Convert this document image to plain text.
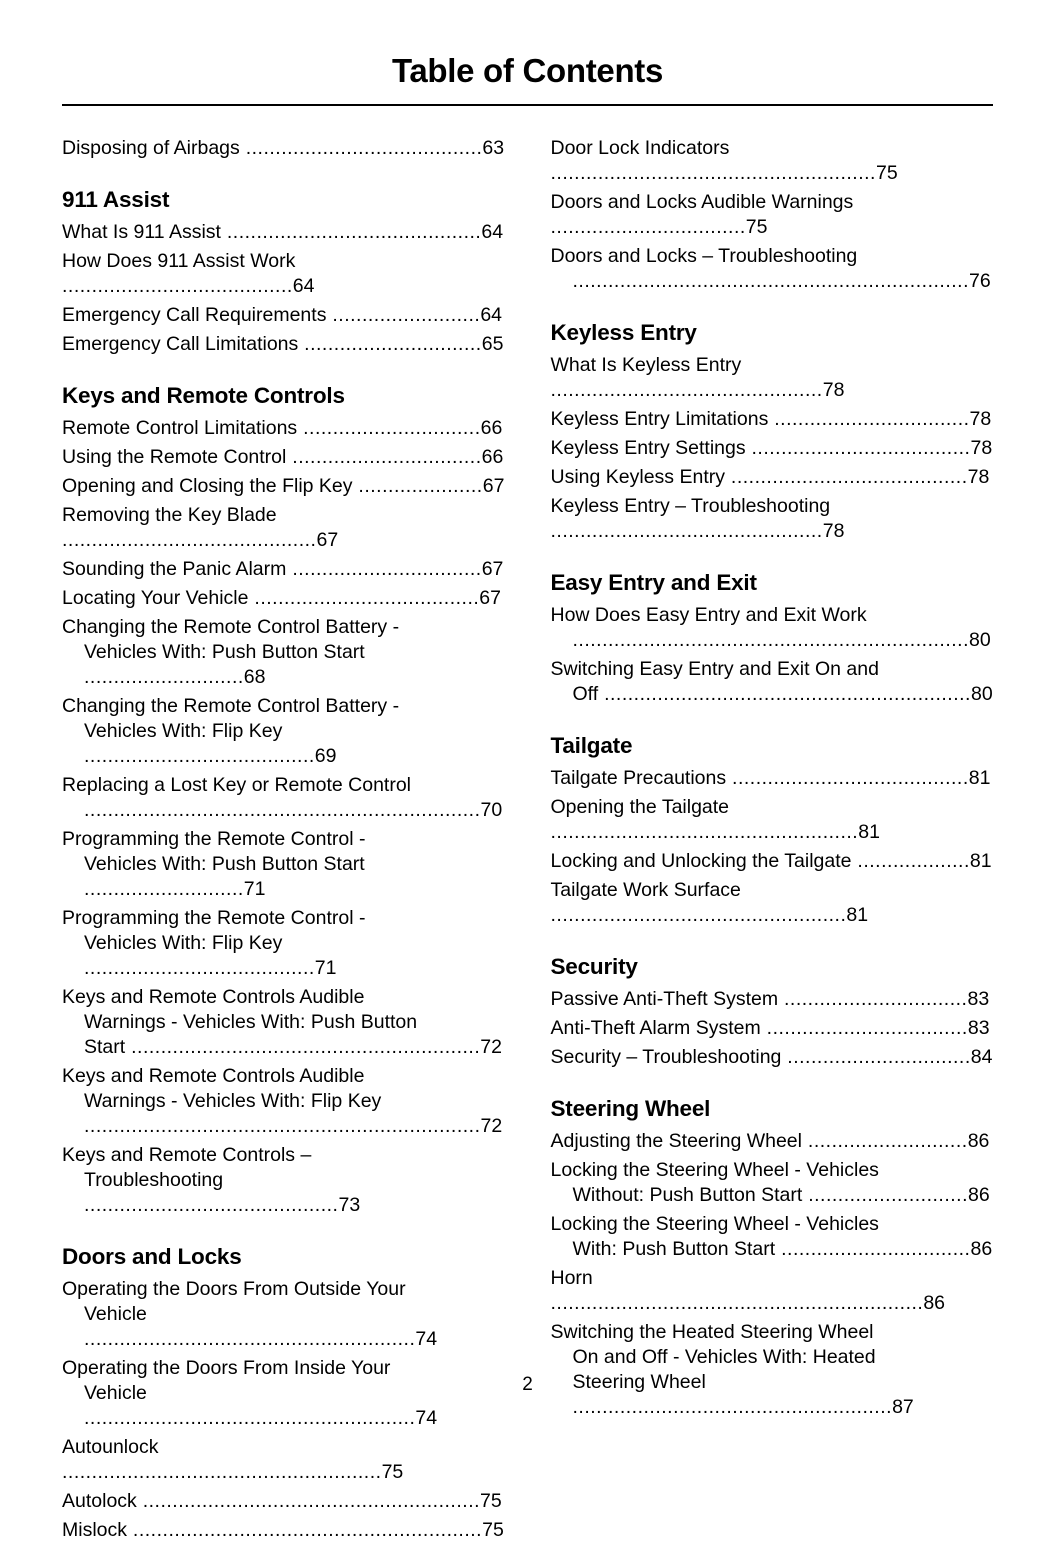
Table of Contents
Disposing of Airbags ........................................63
911 Assist
What Is 911 Assist ...........................................64
How Does 911 Assist Work .......................................64
Emergency Call Requirements .........................64
Emergency Call Limitations ..............................65
Keys and Remote Controls
Remote Control Limitations ..............................66
Using the Remote Control ................................66
Opening and Closing the Flip Key .....................67
Removing the Key Blade ...........................................67
Sounding the Panic Alarm ................................67
Locating Your Vehicle ......................................67
Changing the Remote Control Battery -
Vehicles With: Push Button Start ...........................68
Changing the Remote Control Battery -
Vehicles With: Flip Key .......................................69
Replacing a Lost Key or Remote Control
...................................................................70
Programming the Remote Control -
Vehicles With: Push Button Start ...........................71
Programming the Remote Control -
Vehicles With: Flip Key .......................................71
Keys and Remote Controls Audible
Warnings - Vehicles With: Push Button
Start ...........................................................72
Keys and Remote Controls Audible
Warnings - Vehicles With: Flip Key
...................................................................72
Keys and Remote Controls –
Troubleshooting ...........................................73
Doors and Locks
Operating the Doors From Outside Your
Vehicle ........................................................74
Operating the Doors From Inside Your
Vehicle ........................................................74
Autounlock ......................................................75
Autolock .........................................................75
Mislock ...........................................................75
Door Lock Indicators .......................................................75
Doors and Locks Audible Warnings .................................75
Doors and Locks – Troubleshooting
...................................................................76
Keyless Entry
What Is Keyless Entry ..............................................78
Keyless Entry Limitations .................................78
Keyless Entry Settings .....................................78
Using Keyless Entry ........................................78
Keyless Entry – Troubleshooting ..............................................78
Easy Entry and Exit
How Does Easy Entry and Exit Work
...................................................................80
Switching Easy Entry and Exit On and
Off ..............................................................80
Tailgate
Tailgate Precautions ........................................81
Opening the Tailgate ....................................................81
Locking and Unlocking the Tailgate ...................81
Tailgate Work Surface ..................................................81
Security
Passive Anti-Theft System ...............................83
Anti-Theft Alarm System ..................................83
Security – Troubleshooting ...............................84
Steering Wheel
Adjusting the Steering Wheel ...........................86
Locking the Steering Wheel - Vehicles
Without: Push Button Start ...........................86
Locking the Steering Wheel - Vehicles
With: Push Button Start ................................86
Horn ...............................................................86
Switching the Heated Steering Wheel
On and Off - Vehicles With: Heated
Steering Wheel ......................................................87
2
